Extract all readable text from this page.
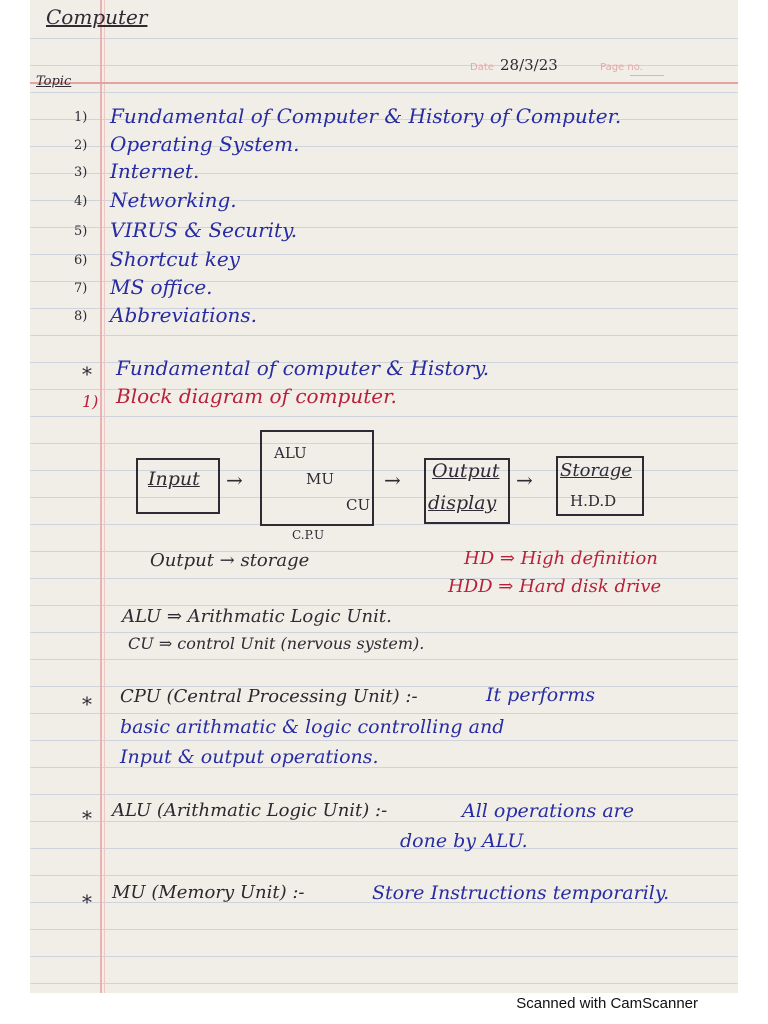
Computer
Date 28/3/23	Page no.
Topic
1) Fundamental of Computer & History of Computer.
2) Operating System.
3) Internet.
4) Networking.
5) VIRUS & Security.
6) Shortcut key
7) MS office.
8) Abbreviations.
* Fundamental of computer & History.
1) Block diagram of computer.
Input →
ALU
MU
CU
C.P.U
→ Output
display
→ Storage
H.D.D
Output → storage	HD ⇒ High definition
HDD ⇒ Hard disk drive
ALU ⇒ Arithmatic Logic Unit.
CU ⇒ control Unit (nervous system).
* CPU (Central Processing Unit) :-	It performs
basic arithmatic & logic controlling and
Input & output operations.
* ALU (Arithmatic Logic Unit) :-	All operations are
done by ALU.
* MU (Memory Unit) :-	Store Instructions temporarily.
Scanned with CamScanner
